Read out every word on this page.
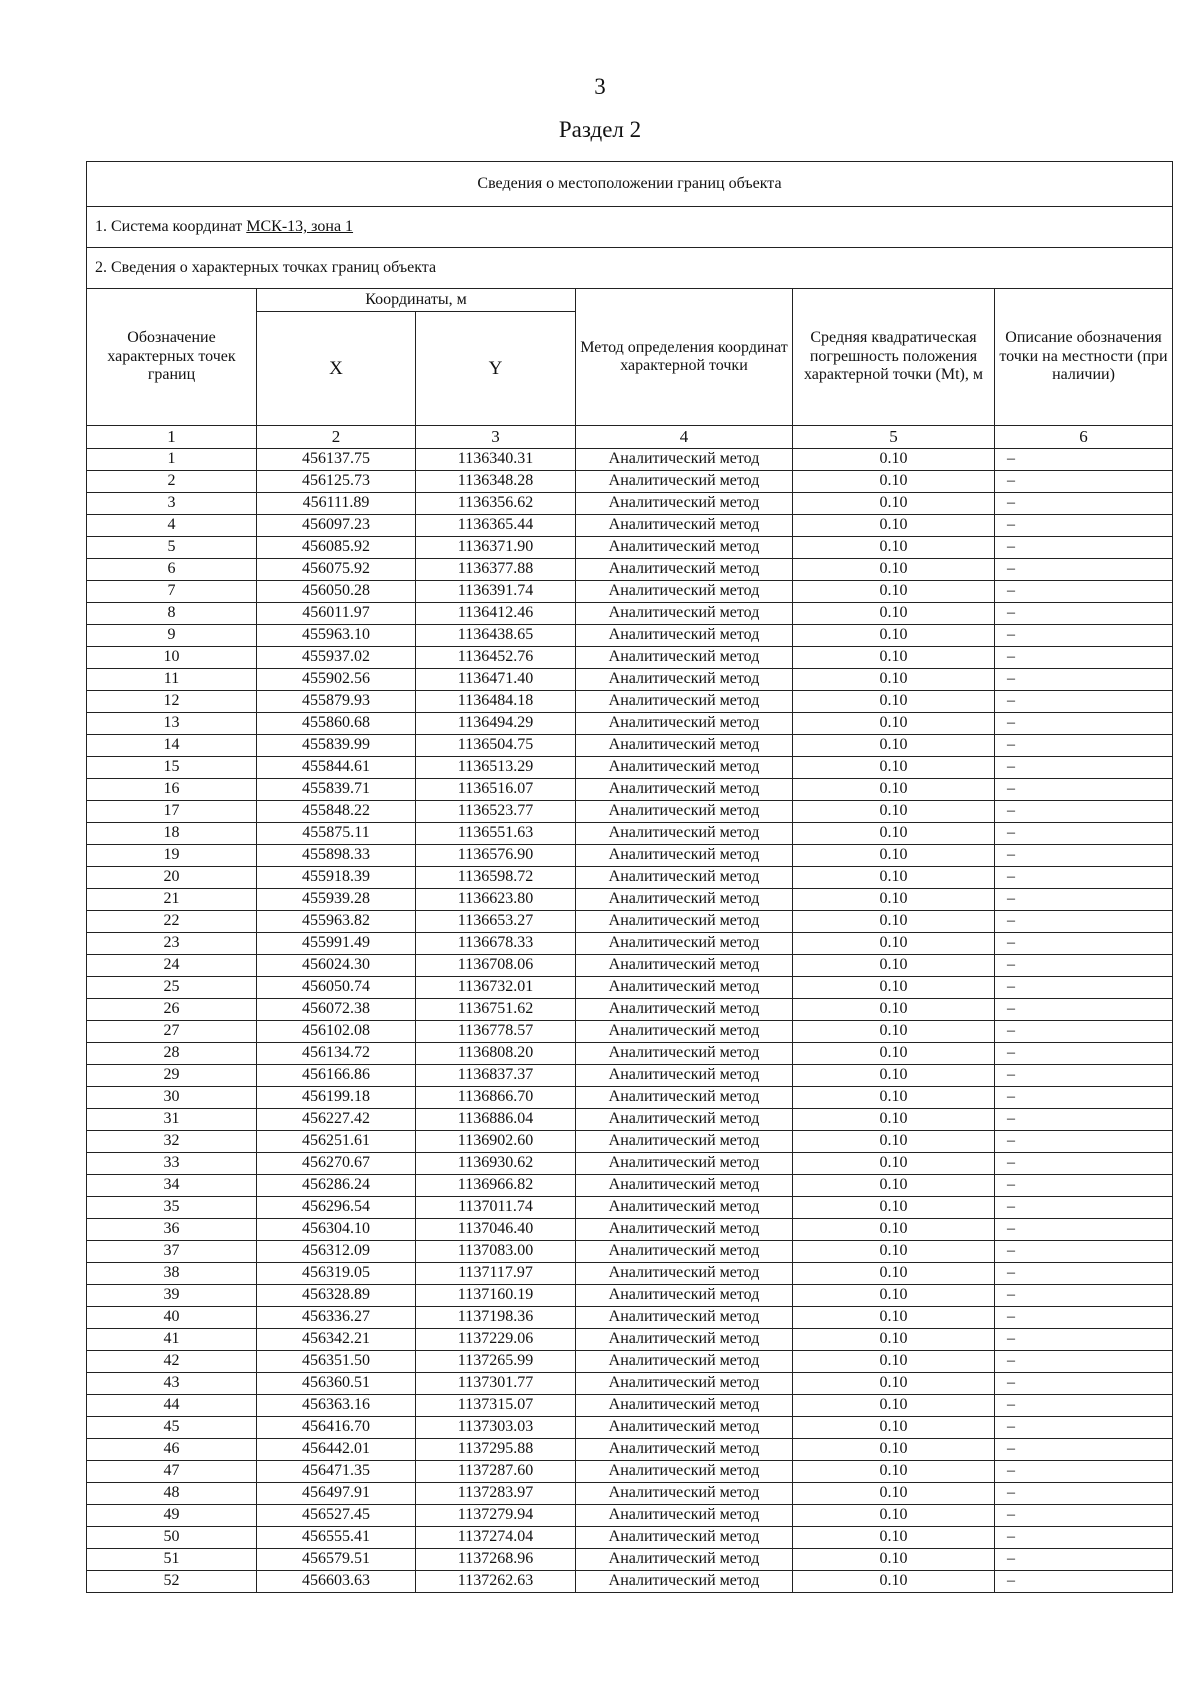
3
Раздел 2
Сведения о местоположении границ объекта					
1. Система координат МСК-13, зона 1					
2. Сведения о характерных точках границ объекта					
Обозначение характерных точек границ	Координаты, м		Метод определения координат характерной точки	Средняя квадратическая погрешность положения характерной точки (Mt), м	Описание обозначения точки на местности (при наличии)
	X	Y			
1	2	3	4	5	6
1	456137.75	1136340.31	Аналитический метод	0.10	–
2	456125.73	1136348.28	Аналитический метод	0.10	–
3	456111.89	1136356.62	Аналитический метод	0.10	–
4	456097.23	1136365.44	Аналитический метод	0.10	–
5	456085.92	1136371.90	Аналитический метод	0.10	–
6	456075.92	1136377.88	Аналитический метод	0.10	–
7	456050.28	1136391.74	Аналитический метод	0.10	–
8	456011.97	1136412.46	Аналитический метод	0.10	–
9	455963.10	1136438.65	Аналитический метод	0.10	–
10	455937.02	1136452.76	Аналитический метод	0.10	–
11	455902.56	1136471.40	Аналитический метод	0.10	–
12	455879.93	1136484.18	Аналитический метод	0.10	–
13	455860.68	1136494.29	Аналитический метод	0.10	–
14	455839.99	1136504.75	Аналитический метод	0.10	–
15	455844.61	1136513.29	Аналитический метод	0.10	–
16	455839.71	1136516.07	Аналитический метод	0.10	–
17	455848.22	1136523.77	Аналитический метод	0.10	–
18	455875.11	1136551.63	Аналитический метод	0.10	–
19	455898.33	1136576.90	Аналитический метод	0.10	–
20	455918.39	1136598.72	Аналитический метод	0.10	–
21	455939.28	1136623.80	Аналитический метод	0.10	–
22	455963.82	1136653.27	Аналитический метод	0.10	–
23	455991.49	1136678.33	Аналитический метод	0.10	–
24	456024.30	1136708.06	Аналитический метод	0.10	–
25	456050.74	1136732.01	Аналитический метод	0.10	–
26	456072.38	1136751.62	Аналитический метод	0.10	–
27	456102.08	1136778.57	Аналитический метод	0.10	–
28	456134.72	1136808.20	Аналитический метод	0.10	–
29	456166.86	1136837.37	Аналитический метод	0.10	–
30	456199.18	1136866.70	Аналитический метод	0.10	–
31	456227.42	1136886.04	Аналитический метод	0.10	–
32	456251.61	1136902.60	Аналитический метод	0.10	–
33	456270.67	1136930.62	Аналитический метод	0.10	–
34	456286.24	1136966.82	Аналитический метод	0.10	–
35	456296.54	1137011.74	Аналитический метод	0.10	–
36	456304.10	1137046.40	Аналитический метод	0.10	–
37	456312.09	1137083.00	Аналитический метод	0.10	–
38	456319.05	1137117.97	Аналитический метод	0.10	–
39	456328.89	1137160.19	Аналитический метод	0.10	–
40	456336.27	1137198.36	Аналитический метод	0.10	–
41	456342.21	1137229.06	Аналитический метод	0.10	–
42	456351.50	1137265.99	Аналитический метод	0.10	–
43	456360.51	1137301.77	Аналитический метод	0.10	–
44	456363.16	1137315.07	Аналитический метод	0.10	–
45	456416.70	1137303.03	Аналитический метод	0.10	–
46	456442.01	1137295.88	Аналитический метод	0.10	–
47	456471.35	1137287.60	Аналитический метод	0.10	–
48	456497.91	1137283.97	Аналитический метод	0.10	–
49	456527.45	1137279.94	Аналитический метод	0.10	–
50	456555.41	1137274.04	Аналитический метод	0.10	–
51	456579.51	1137268.96	Аналитический метод	0.10	–
52	456603.63	1137262.63	Аналитический метод	0.10	–
